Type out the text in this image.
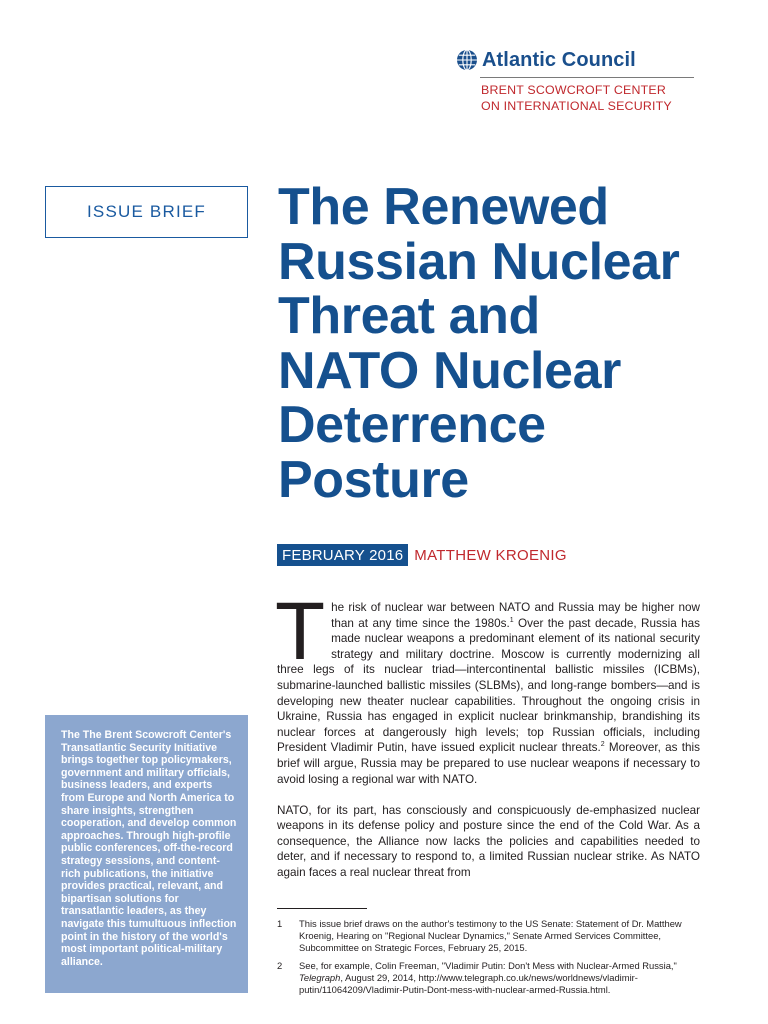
Atlantic Council
BRENT SCOWCROFT CENTER
ON INTERNATIONAL SECURITY
ISSUE BRIEF The Renewed
Russian Nuclear
Threat and
NATO Nuclear
Deterrence
Posture
FEBRUARY 2016 MATTHEW KROENIG

The The Brent Scowcroft Center's Transatlantic Security Initiative brings together top policymakers, government and military officials, business leaders, and experts from Europe and North America to share insights, strengthen cooperation, and develop common approaches. Through high-profile public conferences, off-the-record strategy sessions, and content-rich publications, the initiative provides practical, relevant, and bipartisan solutions for transatlantic leaders, as they navigate this tumultuous inflection point in the history of the world's most important political-military alliance.

The risk of nuclear war between NATO and Russia may be higher now than at any time since the 1980s.$^1$ Over the past decade, Russia has made nuclear weapons a predominant element of its national security strategy and military doctrine. Moscow is currently modernizing all three legs of its nuclear triad—intercontinental ballistic missiles (ICBMs), submarine-launched ballistic missiles (SLBMs), and long-range bombers—and is developing new theater nuclear capabilities. Throughout the ongoing crisis in Ukraine, Russia has engaged in explicit nuclear brinkmanship, brandishing its nuclear forces at dangerously high levels; top Russian officials, including President Vladimir Putin, have issued explicit nuclear threats.$^2$ Moreover, as this brief will argue, Russia may be prepared to use nuclear weapons if necessary to avoid losing a regional war with NATO.

NATO, for its part, has consciously and conspicuously de-emphasized nuclear weapons in its defense policy and posture since the end of the Cold War. As a consequence, the Alliance now lacks the policies and capabilities needed to deter, and if necessary to respond to, a limited Russian nuclear strike. As NATO again faces a real nuclear threat from

1	This issue brief draws on the author's testimony to the US Senate: Statement of Dr. Matthew Kroenig, Hearing on "Regional Nuclear Dynamics," Senate Armed Services Committee, Subcommittee on Strategic Forces, February 25, 2015.
2	See, for example, Colin Freeman, "Vladimir Putin: Don't Mess with Nuclear-Armed Russia," Telegraph, August 29, 2014, http://www.telegraph.co.uk/news/worldnews/vladimir-putin/11064209/Vladimir-Putin-Dont-mess-with-nuclear-armed-Russia.html.
